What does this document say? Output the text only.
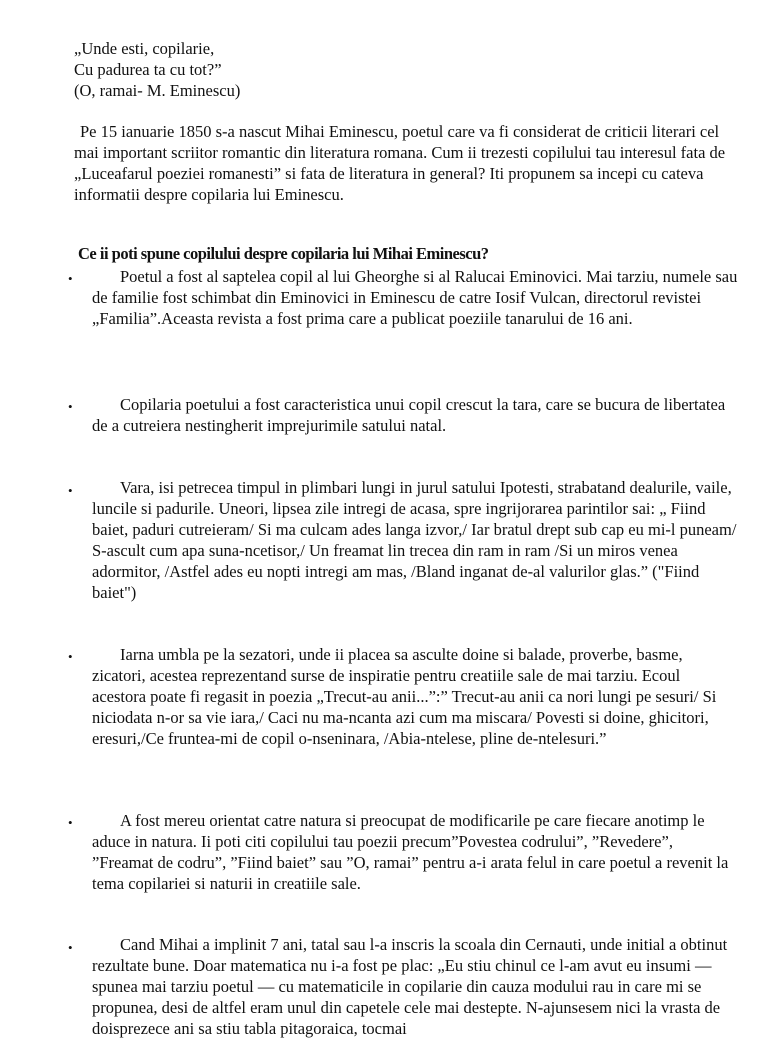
„Unde esti, copilarie,
Cu padurea ta cu tot?”
(O, ramai- M. Eminescu)

Pe 15 ianuarie 1850 s-a nascut Mihai Eminescu, poetul care va fi considerat de criticii literari cel mai important scriitor romantic din literatura romana. Cum ii trezesti copilului tau interesul fata de „Luceafarul poeziei romanesti” si fata de literatura in general? Iti propunem sa incepi cu cateva informatii despre copilaria lui Eminescu.

Ce ii poti spune copilului despre copilaria lui Mihai Eminescu?

•	Poetul a fost al saptelea copil al lui Gheorghe si al Ralucai Eminovici. Mai tarziu, numele sau de familie fost schimbat din Eminovici in Eminescu de catre Iosif Vulcan, directorul revistei „Familia”.Aceasta revista a fost prima care a publicat poeziile tanarului de 16 ani.

•	Copilaria poetului a fost caracteristica unui copil crescut la tara, care se bucura de libertatea de a cutreiera nestingherit imprejurimile satului natal.

•	Vara, isi petrecea timpul in plimbari lungi in jurul satului Ipotesti, strabatand dealurile, vaile, luncile si padurile. Uneori, lipsea zile intregi de acasa, spre ingrijorarea parintilor sai: „ Fiind baiet, paduri cutreieram/ Si ma culcam ades langa izvor,/ Iar bratul drept sub cap eu mi-l puneam/ S-ascult cum apa suna-ncetisor,/ Un freamat lin trecea din ram in ram /Si un miros venea adormitor, /Astfel ades eu nopti intregi am mas, /Bland inganat de-al valurilor glas.” ("Fiind baiet")

•	Iarna umbla pe la sezatori, unde ii placea sa asculte doine si balade, proverbe, basme, zicatori, acestea reprezentand surse de inspiratie pentru creatiile sale de mai tarziu. Ecoul acestora poate fi regasit in poezia „Trecut-au anii...”:” Trecut-au anii ca nori lungi pe sesuri/ Si niciodata n-or sa vie iara,/ Caci nu ma-ncanta azi cum ma miscara/ Povesti si doine, ghicitori, eresuri,/Ce fruntea-mi de copil o-nseninara, /Abia-ntelese, pline de-ntelesuri.”

•	A fost mereu orientat catre natura si preocupat de modificarile pe care fiecare anotimp le aduce in natura. Ii poti citi copilului tau poezii precum”Povestea codrului”, ”Revedere”, ”Freamat de codru”, ”Fiind baiet” sau ”O, ramai” pentru a-i arata felul in care poetul a revenit la tema copilariei si naturii in creatiile sale.

•	Cand Mihai a implinit 7 ani, tatal sau l-a inscris la scoala din Cernauti, unde initial a obtinut rezultate bune. Doar matematica nu i-a fost pe plac: „Eu stiu chinul ce l-am avut eu insumi — spunea mai tarziu poetul — cu matematicile in copilarie din cauza modului rau in care mi se propunea, desi de altfel eram unul din capetele cele mai destepte. N-ajunsesem nici la vrasta de doisprezece ani sa stiu tabla pitagoraica, tocmai
